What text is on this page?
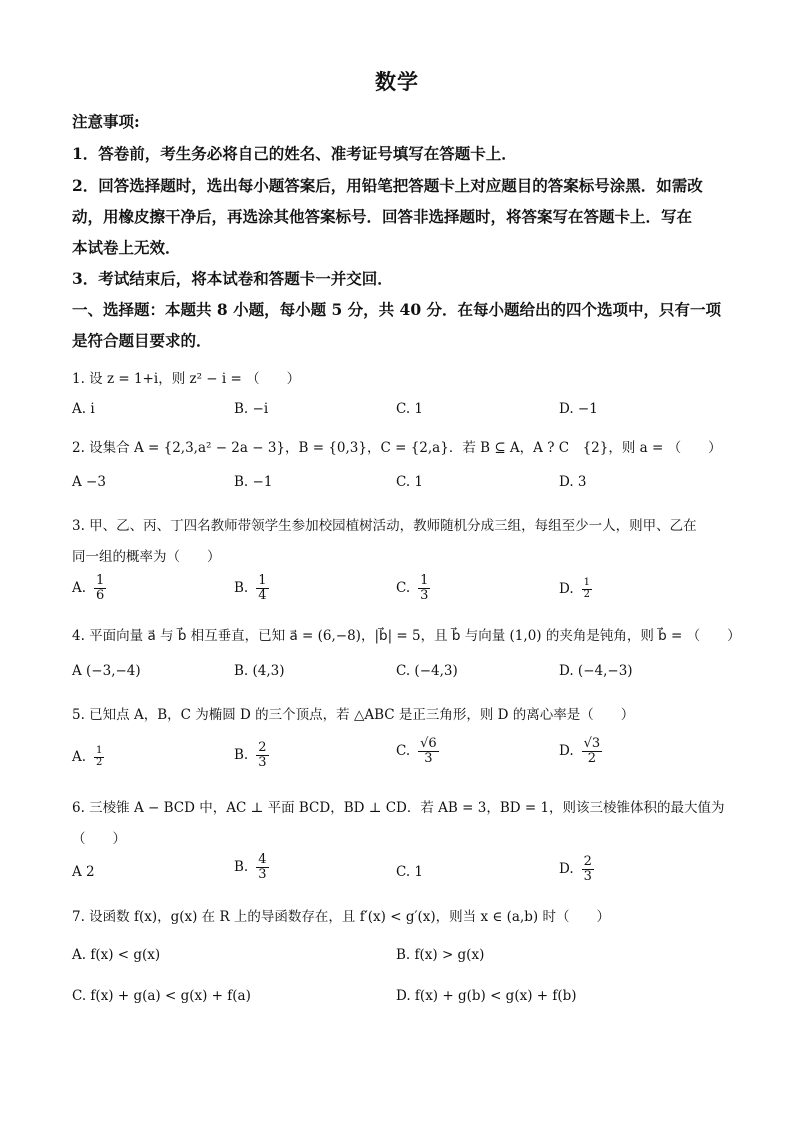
数学
注意事项:
1．答卷前，考生务必将自己的姓名、准考证号填写在答题卡上．
2．回答选择题时，选出每小题答案后，用铅笔把答题卡上对应题目的答案标号涂黑．如需改
动，用橡皮擦干净后，再选涂其他答案标号．回答非选择题时，将答案写在答题卡上．写在
本试卷上无效．
3．考试结束后，将本试卷和答题卡一并交回．
一、选择题：本题共 8 小题，每小题 5 分，共 40 分．在每小题给出的四个选项中，只有一项
是符合题目要求的．
1. 设 z = 1+i，则 z² − i = （　　）
A. i	B. −i	C. 1	D. −1
2. 设集合 A = {2,3,a² − 2a − 3}，B = {0,3}，C = {2,a}．若 B ⊆ A，A ? C　{2}，则 a = （　　）
A −3	B. −1	C. 1	D. 3
3. 甲、乙、丙、丁四名教师带领学生参加校园植树活动，教师随机分成三组，每组至少一人，则甲、乙在
同一组的概率为（　　）
A. $\frac{1}{6}$	B. $\frac{1}{4}$	C. $\frac{1}{3}$	D. $\frac{1}{2}$
4. 平面向量 a⃗ 与 b⃗ 相互垂直，已知 a⃗ = (6,−8)，|b⃗| = 5，且 b⃗ 与向量 (1,0) 的夹角是钝角，则 b⃗ = （　　）
A (−3,−4)	B. (4,3)	C. (−4,3)	D. (−4,−3)
5. 已知点 A，B，C 为椭圆 D 的三个顶点，若 △ABC 是正三角形，则 D 的离心率是（　　）
A. $\frac{1}{2}$	B. $\frac{2}{3}$	C. $\frac{√6}{3}$	D. $\frac{√3}{2}$
6. 三棱锥 A − BCD 中，AC ⊥ 平面 BCD，BD ⊥ CD．若 AB = 3，BD = 1，则该三棱锥体积的最大值为
（　　）
A 2	B. $\frac{4}{3}$	C. 1	D. $\frac{2}{3}$
7. 设函数 f(x)，g(x) 在 R 上的导函数存在，且 f′(x) < g′(x)，则当 x ∈ (a,b) 时（　　）
A. f(x) < g(x)	B. f(x) > g(x)
C. f(x) + g(a) < g(x) + f(a)	D. f(x) + g(b) < g(x) + f(b)
